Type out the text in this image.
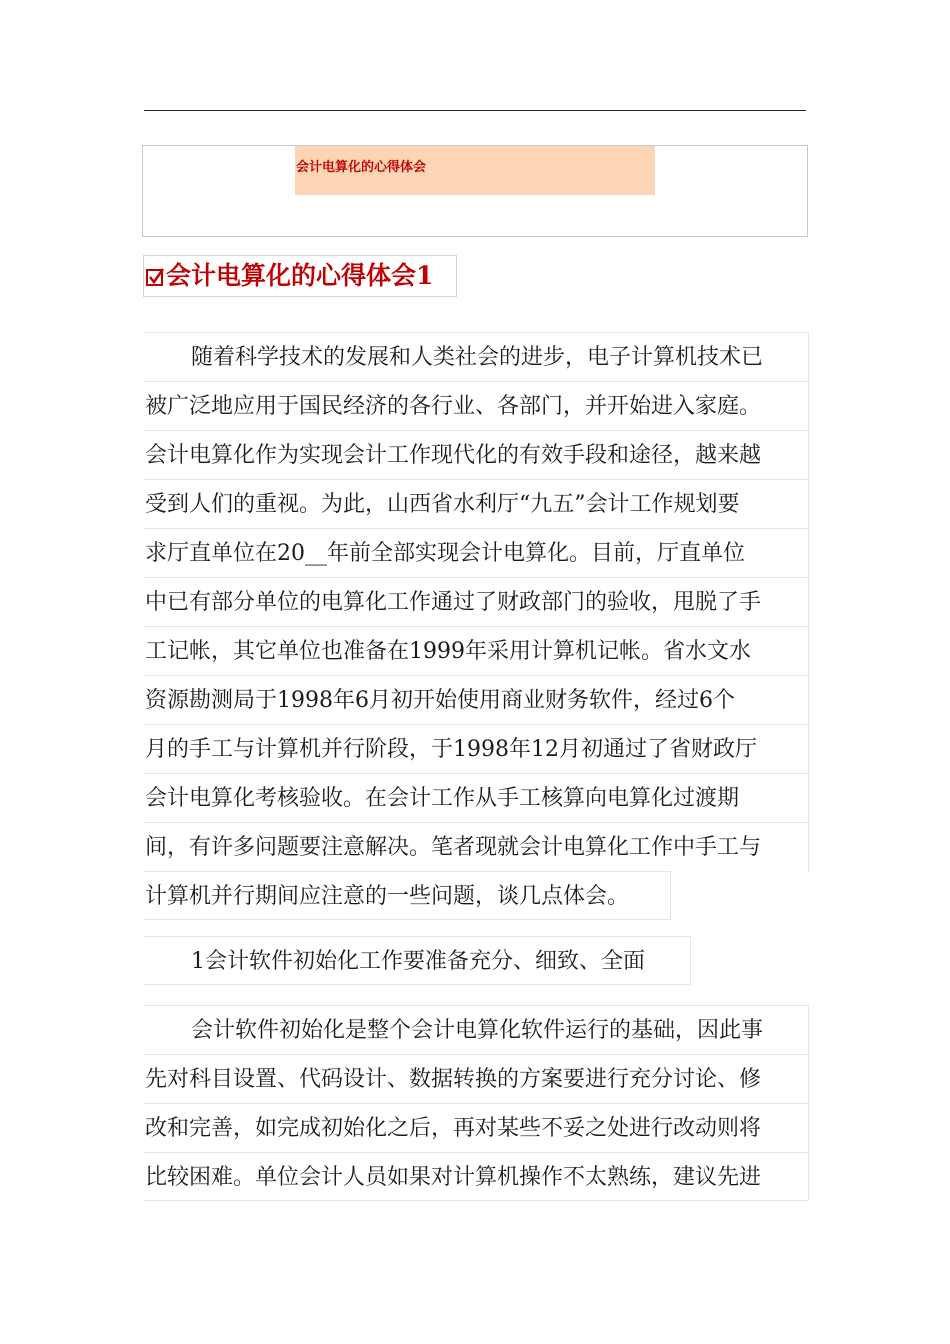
会计电算化的心得体会
会计电算化的心得体会1
随着科学技术的发展和人类社会的进步，电子计算机技术已
被广泛地应用于国民经济的各行业、各部门，并开始进入家庭。
会计电算化作为实现会计工作现代化的有效手段和途径，越来越
受到人们的重视。为此，山西省水利厅“九五”会计工作规划要
求厅直单位在20__年前全部实现会计电算化。目前，厅直单位
中已有部分单位的电算化工作通过了财政部门的验收，甩脱了手
工记帐，其它单位也准备在1999年采用计算机记帐。省水文水
资源勘测局于1998年6月初开始使用商业财务软件，经过6个
月的手工与计算机并行阶段，于1998年12月初通过了省财政厅
会计电算化考核验收。在会计工作从手工核算向电算化过渡期
间，有许多问题要注意解决。笔者现就会计电算化工作中手工与
计算机并行期间应注意的一些问题，谈几点体会。
1会计软件初始化工作要准备充分、细致、全面
会计软件初始化是整个会计电算化软件运行的基础，因此事
先对科目设置、代码设计、数据转换的方案要进行充分讨论、修
改和完善，如完成初始化之后，再对某些不妥之处进行改动则将
比较困难。单位会计人员如果对计算机操作不太熟练，建议先进
